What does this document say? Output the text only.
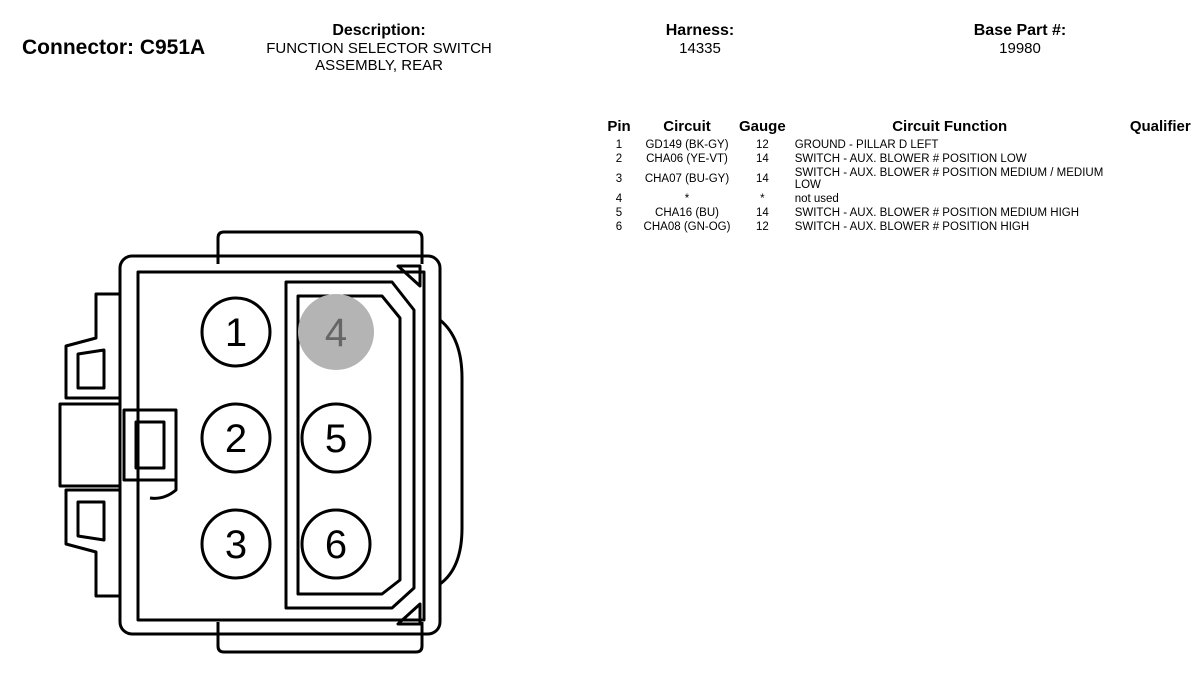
Connector: C951A
Description:
FUNCTION SELECTOR SWITCH ASSEMBLY, REAR
Harness:
14335
Base Part #:
19980
Pin	Circuit	Gauge	Circuit Function	Qualifier
1	GD149 (BK-GY)	12	GROUND - PILLAR D LEFT	
2	CHA06 (YE-VT)	14	SWITCH - AUX. BLOWER # POSITION LOW	
3	CHA07 (BU-GY)	14	SWITCH - AUX. BLOWER # POSITION MEDIUM / MEDIUM LOW	
4	*	*	not used	
5	CHA16 (BU)	14	SWITCH - AUX. BLOWER # POSITION MEDIUM HIGH	
6	CHA08 (GN-OG)	12	SWITCH - AUX. BLOWER # POSITION HIGH	
1
2
3
4
5
6
